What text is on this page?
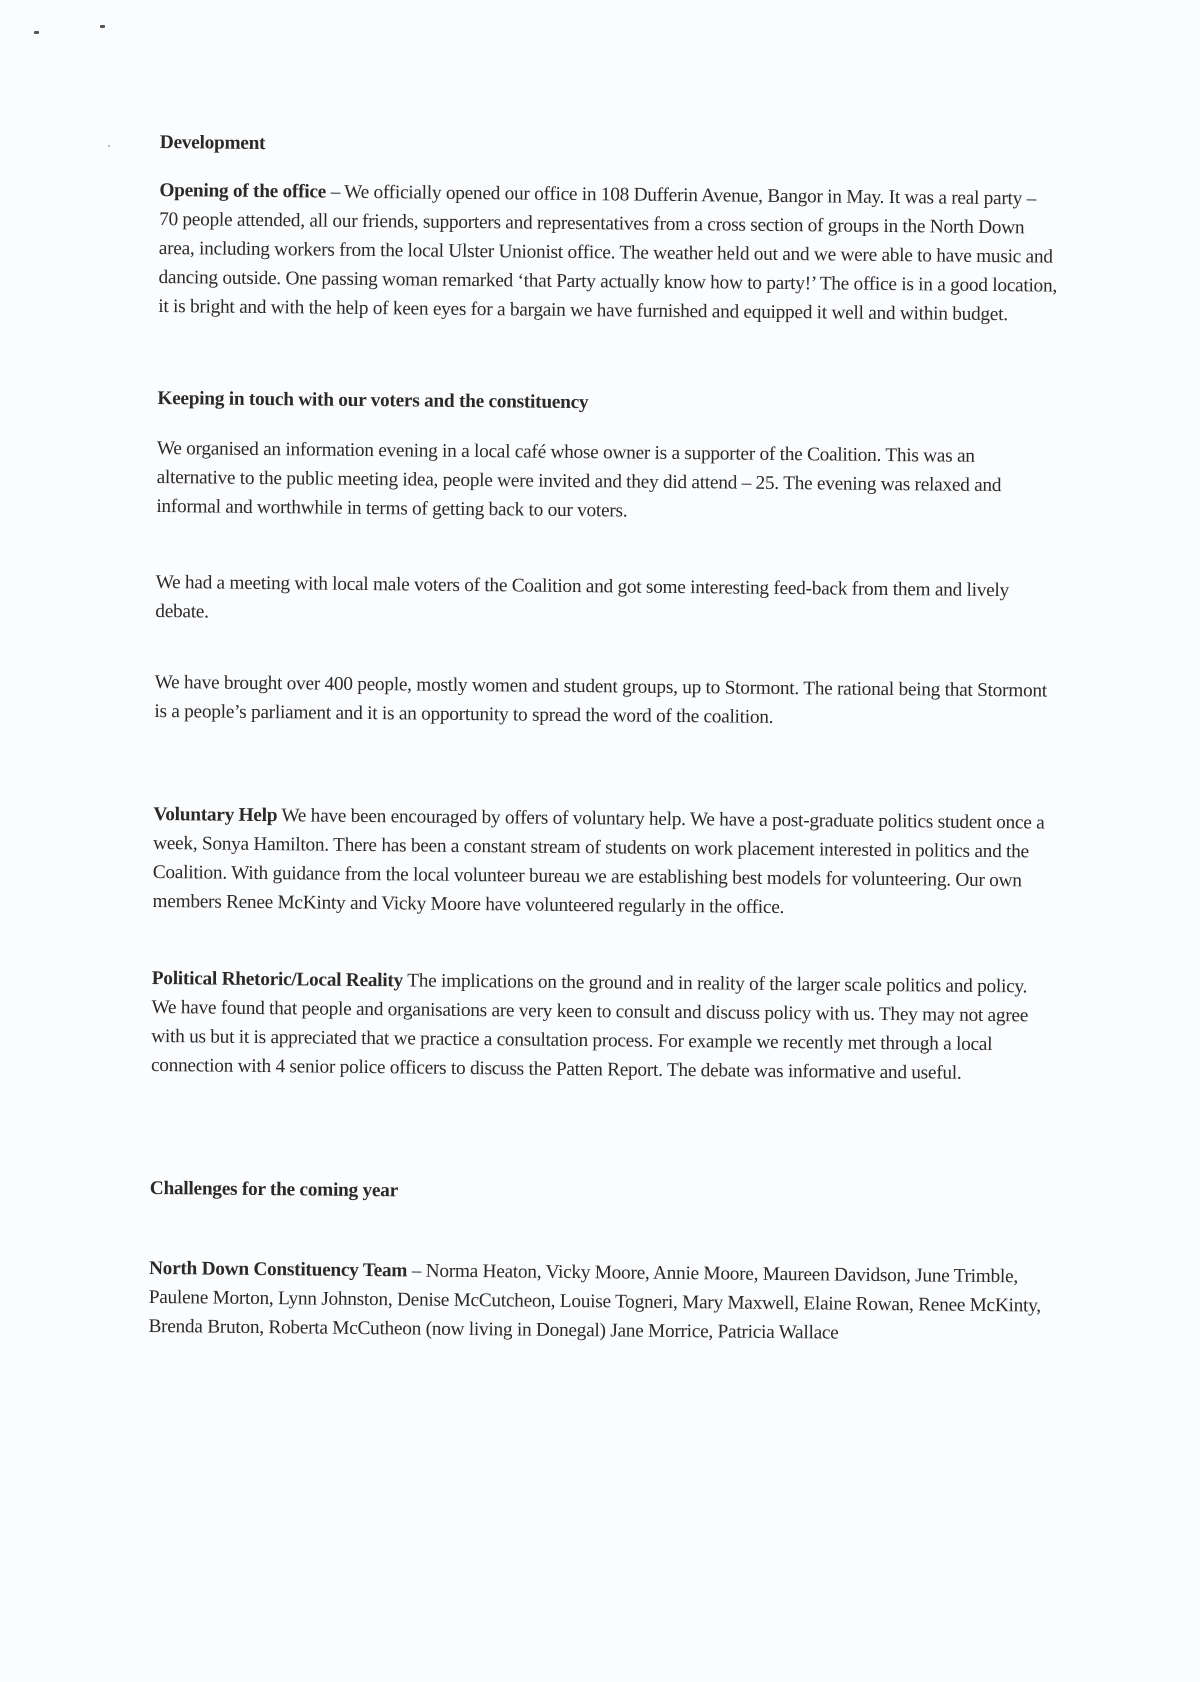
Development

Opening of the office – We officially opened our office in 108 Dufferin Avenue, Bangor in May. It was a real party – 70 people attended, all our friends, supporters and representatives from a cross section of groups in the North Down area, including workers from the local Ulster Unionist office. The weather held out and we were able to have music and dancing outside. One passing woman remarked ‘that Party actually know how to party!’ The office is in a good location, it is bright and with the help of keen eyes for a bargain we have furnished and equipped it well and within budget.

Keeping in touch with our voters and the constituency

We organised an information evening in a local café whose owner is a supporter of the Coalition. This was an alternative to the public meeting idea, people were invited and they did attend – 25. The evening was relaxed and informal and worthwhile in terms of getting back to our voters.

We had a meeting with local male voters of the Coalition and got some interesting feed-back from them and lively debate.

We have brought over 400 people, mostly women and student groups, up to Stormont. The rational being that Stormont is a people’s parliament and it is an opportunity to spread the word of the coalition.

Voluntary Help We have been encouraged by offers of voluntary help. We have a post-graduate politics student once a week, Sonya Hamilton. There has been a constant stream of students on work placement interested in politics and the Coalition. With guidance from the local volunteer bureau we are establishing best models for volunteering. Our own members Renee McKinty and Vicky Moore have volunteered regularly in the office.

Political Rhetoric/Local Reality The implications on the ground and in reality of the larger scale politics and policy. We have found that people and organisations are very keen to consult and discuss policy with us. They may not agree with us but it is appreciated that we practice a consultation process. For example we recently met through a local connection with 4 senior police officers to discuss the Patten Report. The debate was informative and useful.

Challenges for the coming year

North Down Constituency Team – Norma Heaton, Vicky Moore, Annie Moore, Maureen Davidson, June Trimble, Paulene Morton, Lynn Johnston, Denise McCutcheon, Louise Togneri, Mary Maxwell, Elaine Rowan, Renee McKinty, Brenda Bruton, Roberta McCutheon (now living in Donegal) Jane Morrice, Patricia Wallace
